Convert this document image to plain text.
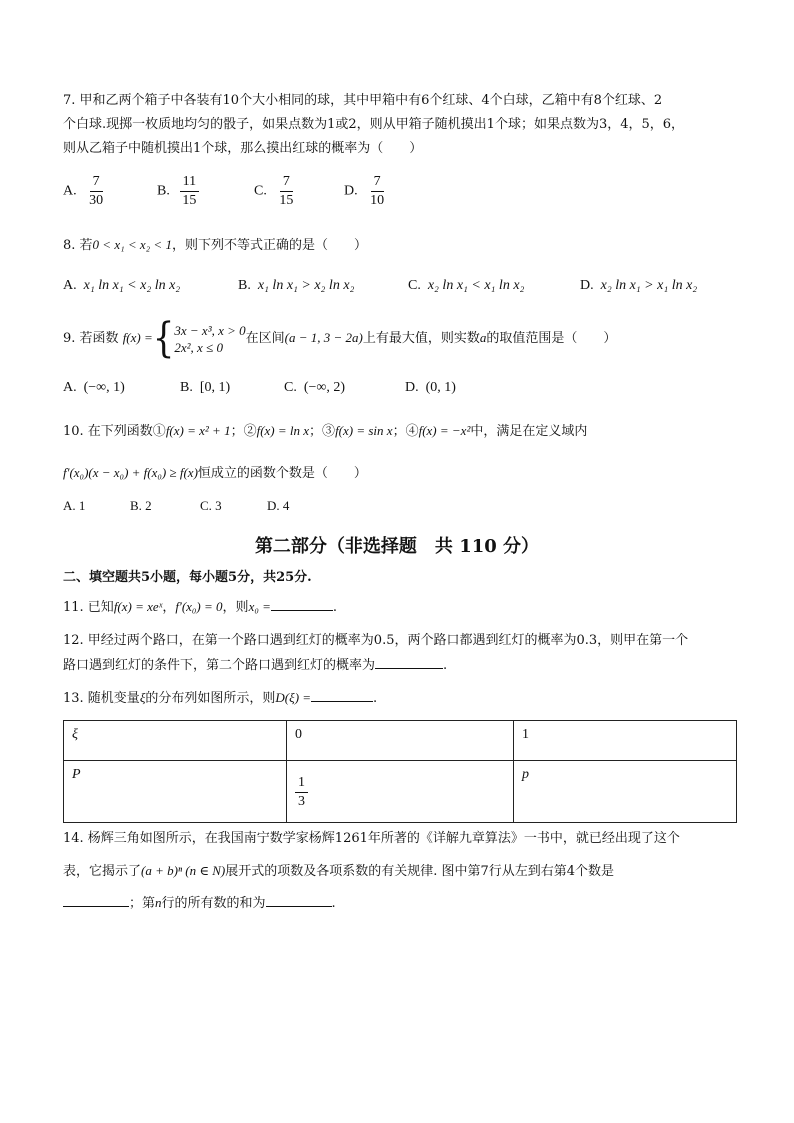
7. 甲和乙两个箱子中各装有10个大小相同的球，其中甲箱中有6个红球、4个白球，乙箱中有8个红球、2
个白球.现掷一枚质地均匀的骰子，如果点数为1或2，则从甲箱子随机摸出1个球；如果点数为3，4，5，6，
则从乙箱子中随机摸出1个球，那么摸出红球的概率为（　　）
A. $\frac{7}{30}$	B. $\frac{11}{15}$	C. $\frac{7}{15}$	D. $\frac{7}{10}$
8. 若0 < x₁ < x₂ < 1，则下列不等式正确的是（　　）
A. x₁ ln x₁ < x₂ ln x₂	B. x₁ ln x₁ > x₂ ln x₂	C. x₂ ln x₁ < x₁ ln x₂	D. x₂ ln x₁ > x₁ ln x₂
9. 若函数 f(x) ={ 3x − x³, x > 0
2x², x ≤ 0
在区间(a − 1, 3 − 2a)上有最大值，则实数a的取值范围是（　　）
A. (−∞, 1)	B. [0, 1)	C. (−∞, 2)	D. (0, 1)
10. 在下列函数①f(x) = x² + 1；②f(x) = ln x；③f(x) = sin x；④f(x) = −x²中，满足在定义域内
f′(x₀)(x − x₀) + f(x₀) ≥ f(x)恒成立的函数个数是（　　）
A. 1	B. 2	C. 3	D. 4
第二部分（非选择题　共 110 分）
二、填空题共5小题，每小题5分，共25分.
11. 已知f(x) = xeˣ，f′(x₀) = 0，则x₀ =	.
12. 甲经过两个路口，在第一个路口遇到红灯的概率为0.5，两个路口都遇到红灯的概率为0.3，则甲在第一个
路口遇到红灯的条件下，第二个路口遇到红灯的概率为	.
13. 随机变量ξ的分布列如图所示，则D(ξ) =	.
ξ	0	1
P	$\frac{1}{3}$	p
14. 杨辉三角如图所示，在我国南宁数学家杨辉1261年所著的《详解九章算法》一书中，就已经出现了这个
表，它揭示了(a + b)ⁿ (n ∈ N)展开式的项数及各项系数的有关规律. 图中第7行从左到右第4个数是
；第n行的所有数的和为	.
